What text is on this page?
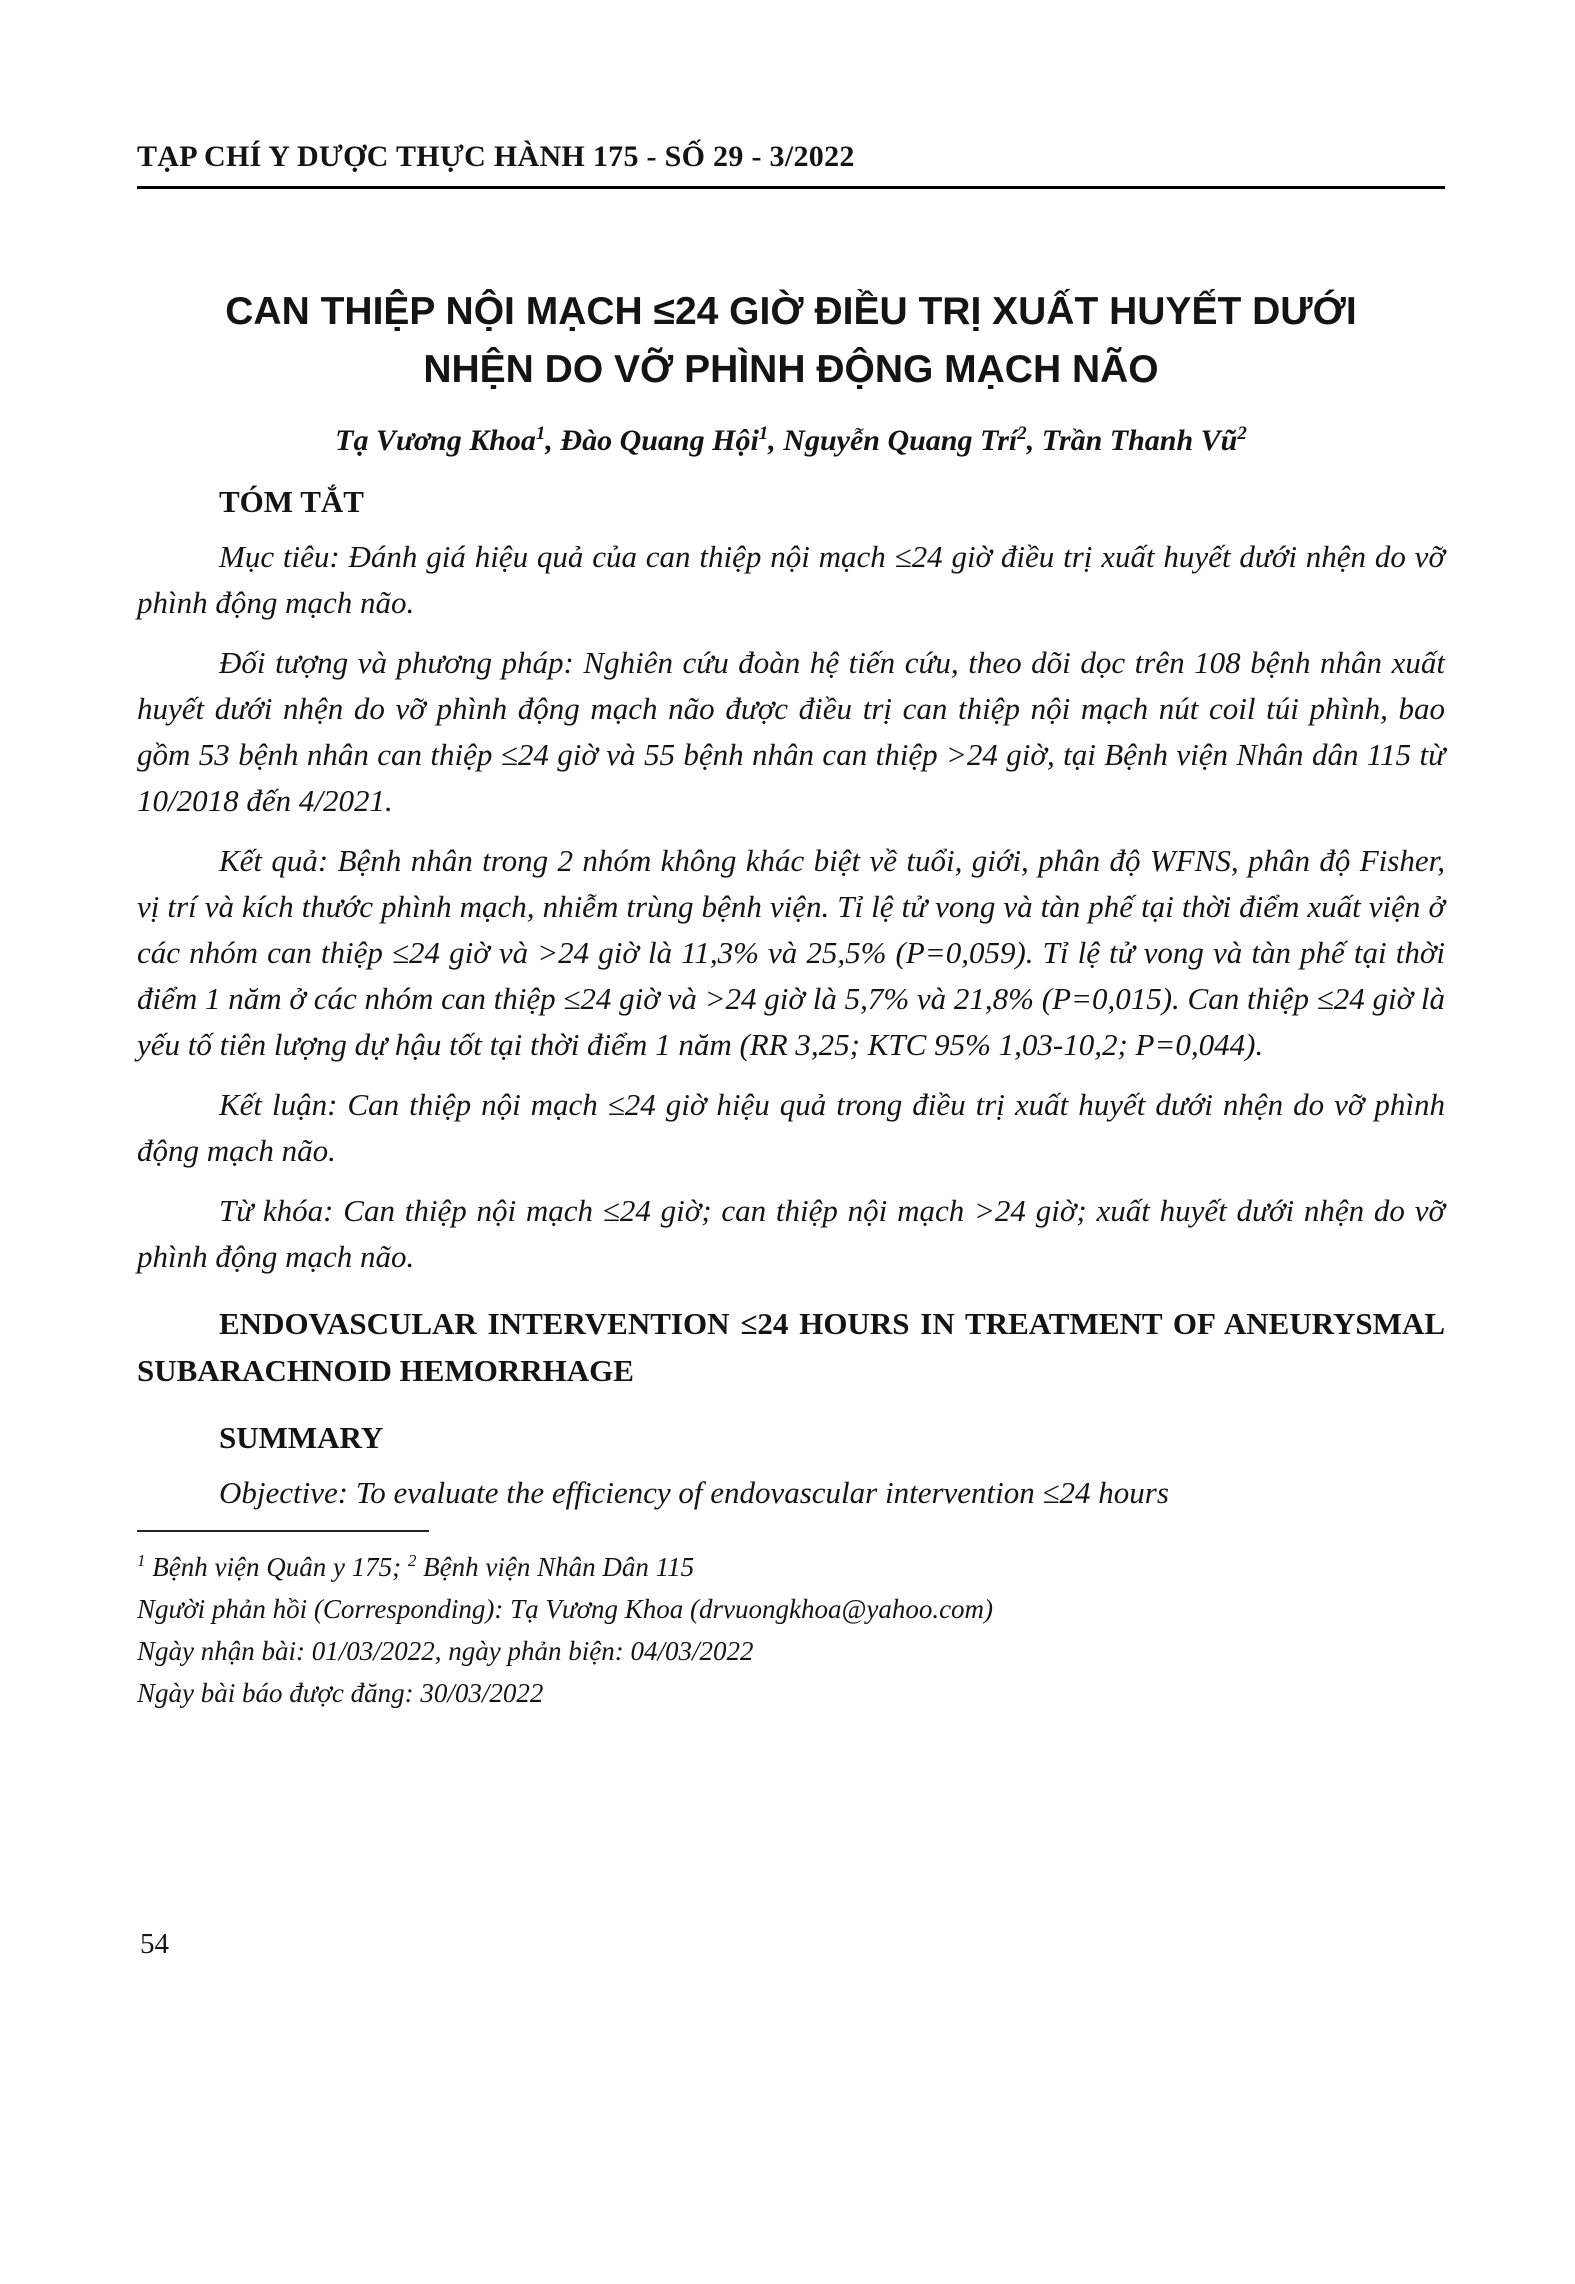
TẠP CHÍ Y DƯỢC THỰC HÀNH 175 - SỐ 29 - 3/2022
CAN THIỆP NỘI MẠCH ≤24 GIỜ ĐIỀU TRỊ XUẤT HUYẾT DƯỚI
NHỆN DO VỠ PHÌNH ĐỘNG MẠCH NÃO
Tạ Vương Khoa$^1$, Đào Quang Hội$^1$, Nguyễn Quang Trí$^2$, Trần Thanh $Vũ^2$
TÓM TẮT

Mục tiêu: Đánh giá hiệu quả của can thiệp nội mạch ≤24 giờ điều trị xuất huyết dưới nhện do vỡ phình động mạch não.

Đối tượng và phương pháp: Nghiên cứu đoàn hệ tiến cứu, theo dõi dọc trên 108 bệnh nhân xuất huyết dưới nhện do vỡ phình động mạch não được điều trị can thiệp nội mạch nút coil túi phình, bao gồm 53 bệnh nhân can thiệp ≤24 giờ và 55 bệnh nhân can thiệp >24 giờ, tại Bệnh viện Nhân dân 115 từ 10/2018 đến 4/2021.

Kết quả: Bệnh nhân trong 2 nhóm không khác biệt về tuổi, giới, phân độ WFNS, phân độ Fisher, vị trí và kích thước phình mạch, nhiễm trùng bệnh viện. Tỉ lệ tử vong và tàn phế tại thời điểm xuất viện ở các nhóm can thiệp ≤24 giờ và >24 giờ là 11,3% và 25,5% (P=0,059). Tỉ lệ tử vong và tàn phế tại thời điểm 1 năm ở các nhóm can thiệp ≤24 giờ và >24 giờ là 5,7% và 21,8% (P=0,015). Can thiệp ≤24 giờ là yếu tố tiên lượng dự hậu tốt tại thời điểm 1 năm (RR 3,25; KTC 95% 1,03-10,2; P=0,044).

Kết luận: Can thiệp nội mạch ≤24 giờ hiệu quả trong điều trị xuất huyết dưới nhện do vỡ phình động mạch não.

Từ khóa: Can thiệp nội mạch ≤24 giờ; can thiệp nội mạch >24 giờ; xuất huyết dưới nhện do vỡ phình động mạch não.

ENDOVASCULAR INTERVENTION ≤24 HOURS IN TREATMENT OF ANEURYSMAL SUBARACHNOID HEMORRHAGE

SUMMARY

Objective: To evaluate the efficiency of endovascular intervention ≤24 hours

$^1$ Bệnh viện Quân y 175; $^2$ Bệnh viện Nhân Dân 115

Người phản hồi (Corresponding): Tạ Vương Khoa (drvuongkhoa@yahoo.com)

Ngày nhận bài: 01/03/2022, ngày phản biện: 04/03/2022

Ngày bài báo được đăng: 30/03/2022

54
